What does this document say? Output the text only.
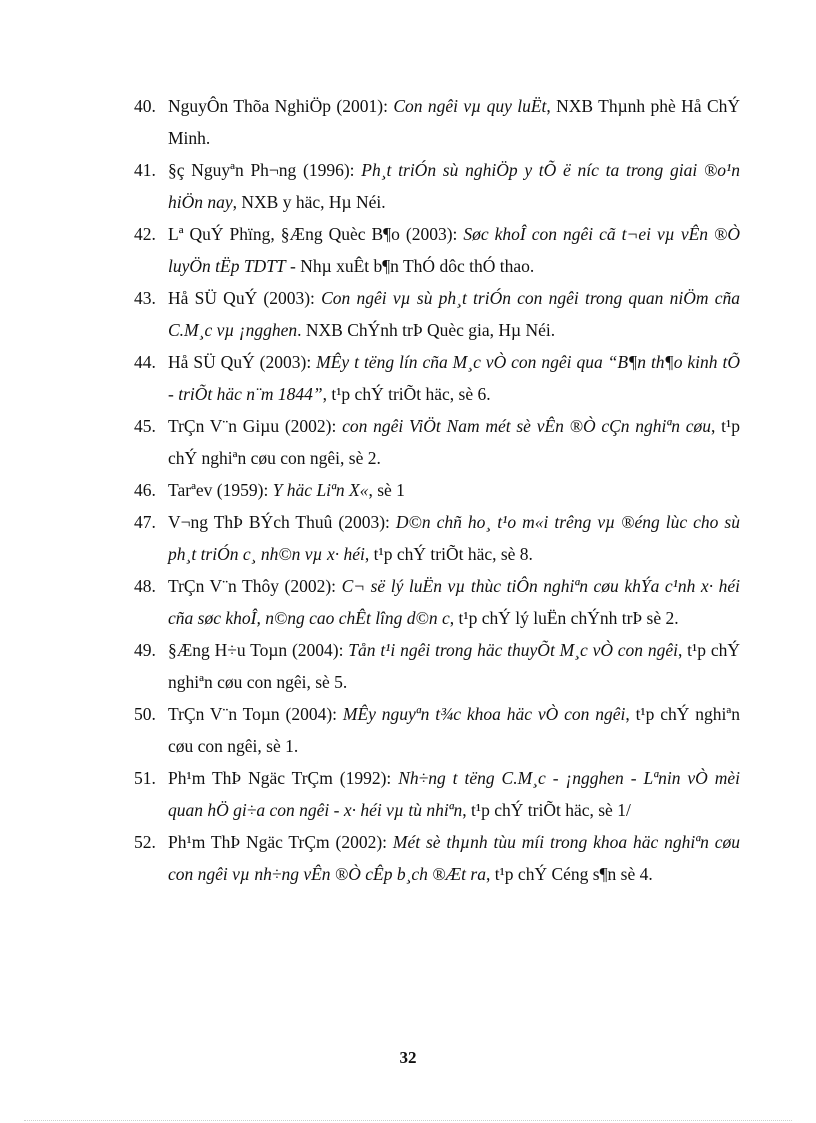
40. NguyÔn Thõa NghiÖp (2001): Con ngêi vµ quy luËt, NXB Thµnh phè Hå ChÝ Minh.
41. §ç Nguyªn Ph¬ng (1996): Ph¸t triÓn sù nghiÖp y tÕ ë níc ta trong giai ®o¹n hiÖn nay, NXB y häc, Hµ Néi.
42. Lª QuÝ Phïng, §Æng Quèc B¶o (2003): Søc khoÎ con ngêi cã t¬ei vµ vÊn ®Ò luyÖn tËp TDTT - Nhµ xuÊt b¶n ThÓ dôc thÓ thao.
43. Hå SÜ QuÝ (2003): Con ngêi vµ sù ph¸t triÓn con ngêi trong quan niÖm cña C.M¸c vµ ¡ngghen. NXB ChÝnh trÞ Quèc gia, Hµ Néi.
44. Hå SÜ QuÝ (2003): MÊy t tëng lín cña M¸c vÒ con ngêi qua “B¶n th¶o kinh tÕ - triÕt häc n¨m 1844”, t¹p chÝ triÕt häc, sè 6.
45. TrÇn V¨n Giµu (2002): con ngêi ViÖt Nam mét sè vÊn ®Ò cÇn nghiªn cøu, t¹p chÝ nghiªn cøu con ngêi, sè 2.
46. Tarªev (1959): Y häc Liªn X«, sè 1
47. V¬ng ThÞ BÝch Thuû (2003): D©n chñ ho¸ t¹o m«i trêng vµ ®éng lùc cho sù ph¸t triÓn c¸ nh©n vµ x· héi, t¹p chÝ triÕt häc, sè 8.
48. TrÇn V¨n Thôy (2002): C¬ së lý luËn vµ thùc tiÔn nghiªn cøu khÝa c¹nh x· héi cña søc khoÎ, n©ng cao chÊt lîng d©n c, t¹p chÝ lý luËn chÝnh trÞ sè 2.
49. §Æng H÷u Toµn (2004): Tån t¹i ngêi trong häc thuyÕt M¸c vÒ con ngêi, t¹p chÝ nghiªn cøu con ngêi, sè 5.
50. TrÇn V¨n Toµn (2004): MÊy nguyªn t¾c khoa häc vÒ con ngêi, t¹p chÝ nghiªn cøu con ngêi, sè 1.
51. Ph¹m ThÞ Ngäc TrÇm (1992): Nh÷ng t tëng C.M¸c - ¡ngghen - Lªnin vÒ mèi quan hÖ gi÷a con ngêi - x· héi vµ tù nhiªn, t¹p chÝ triÕt häc, sè 1/
52. Ph¹m ThÞ Ngäc TrÇm (2002): Mét sè thµnh tùu míi trong khoa häc nghiªn cøu con ngêi vµ nh÷ng vÊn ®Ò cÊp b¸ch ®Æt ra, t¹p chÝ Céng s¶n sè 4.
32
